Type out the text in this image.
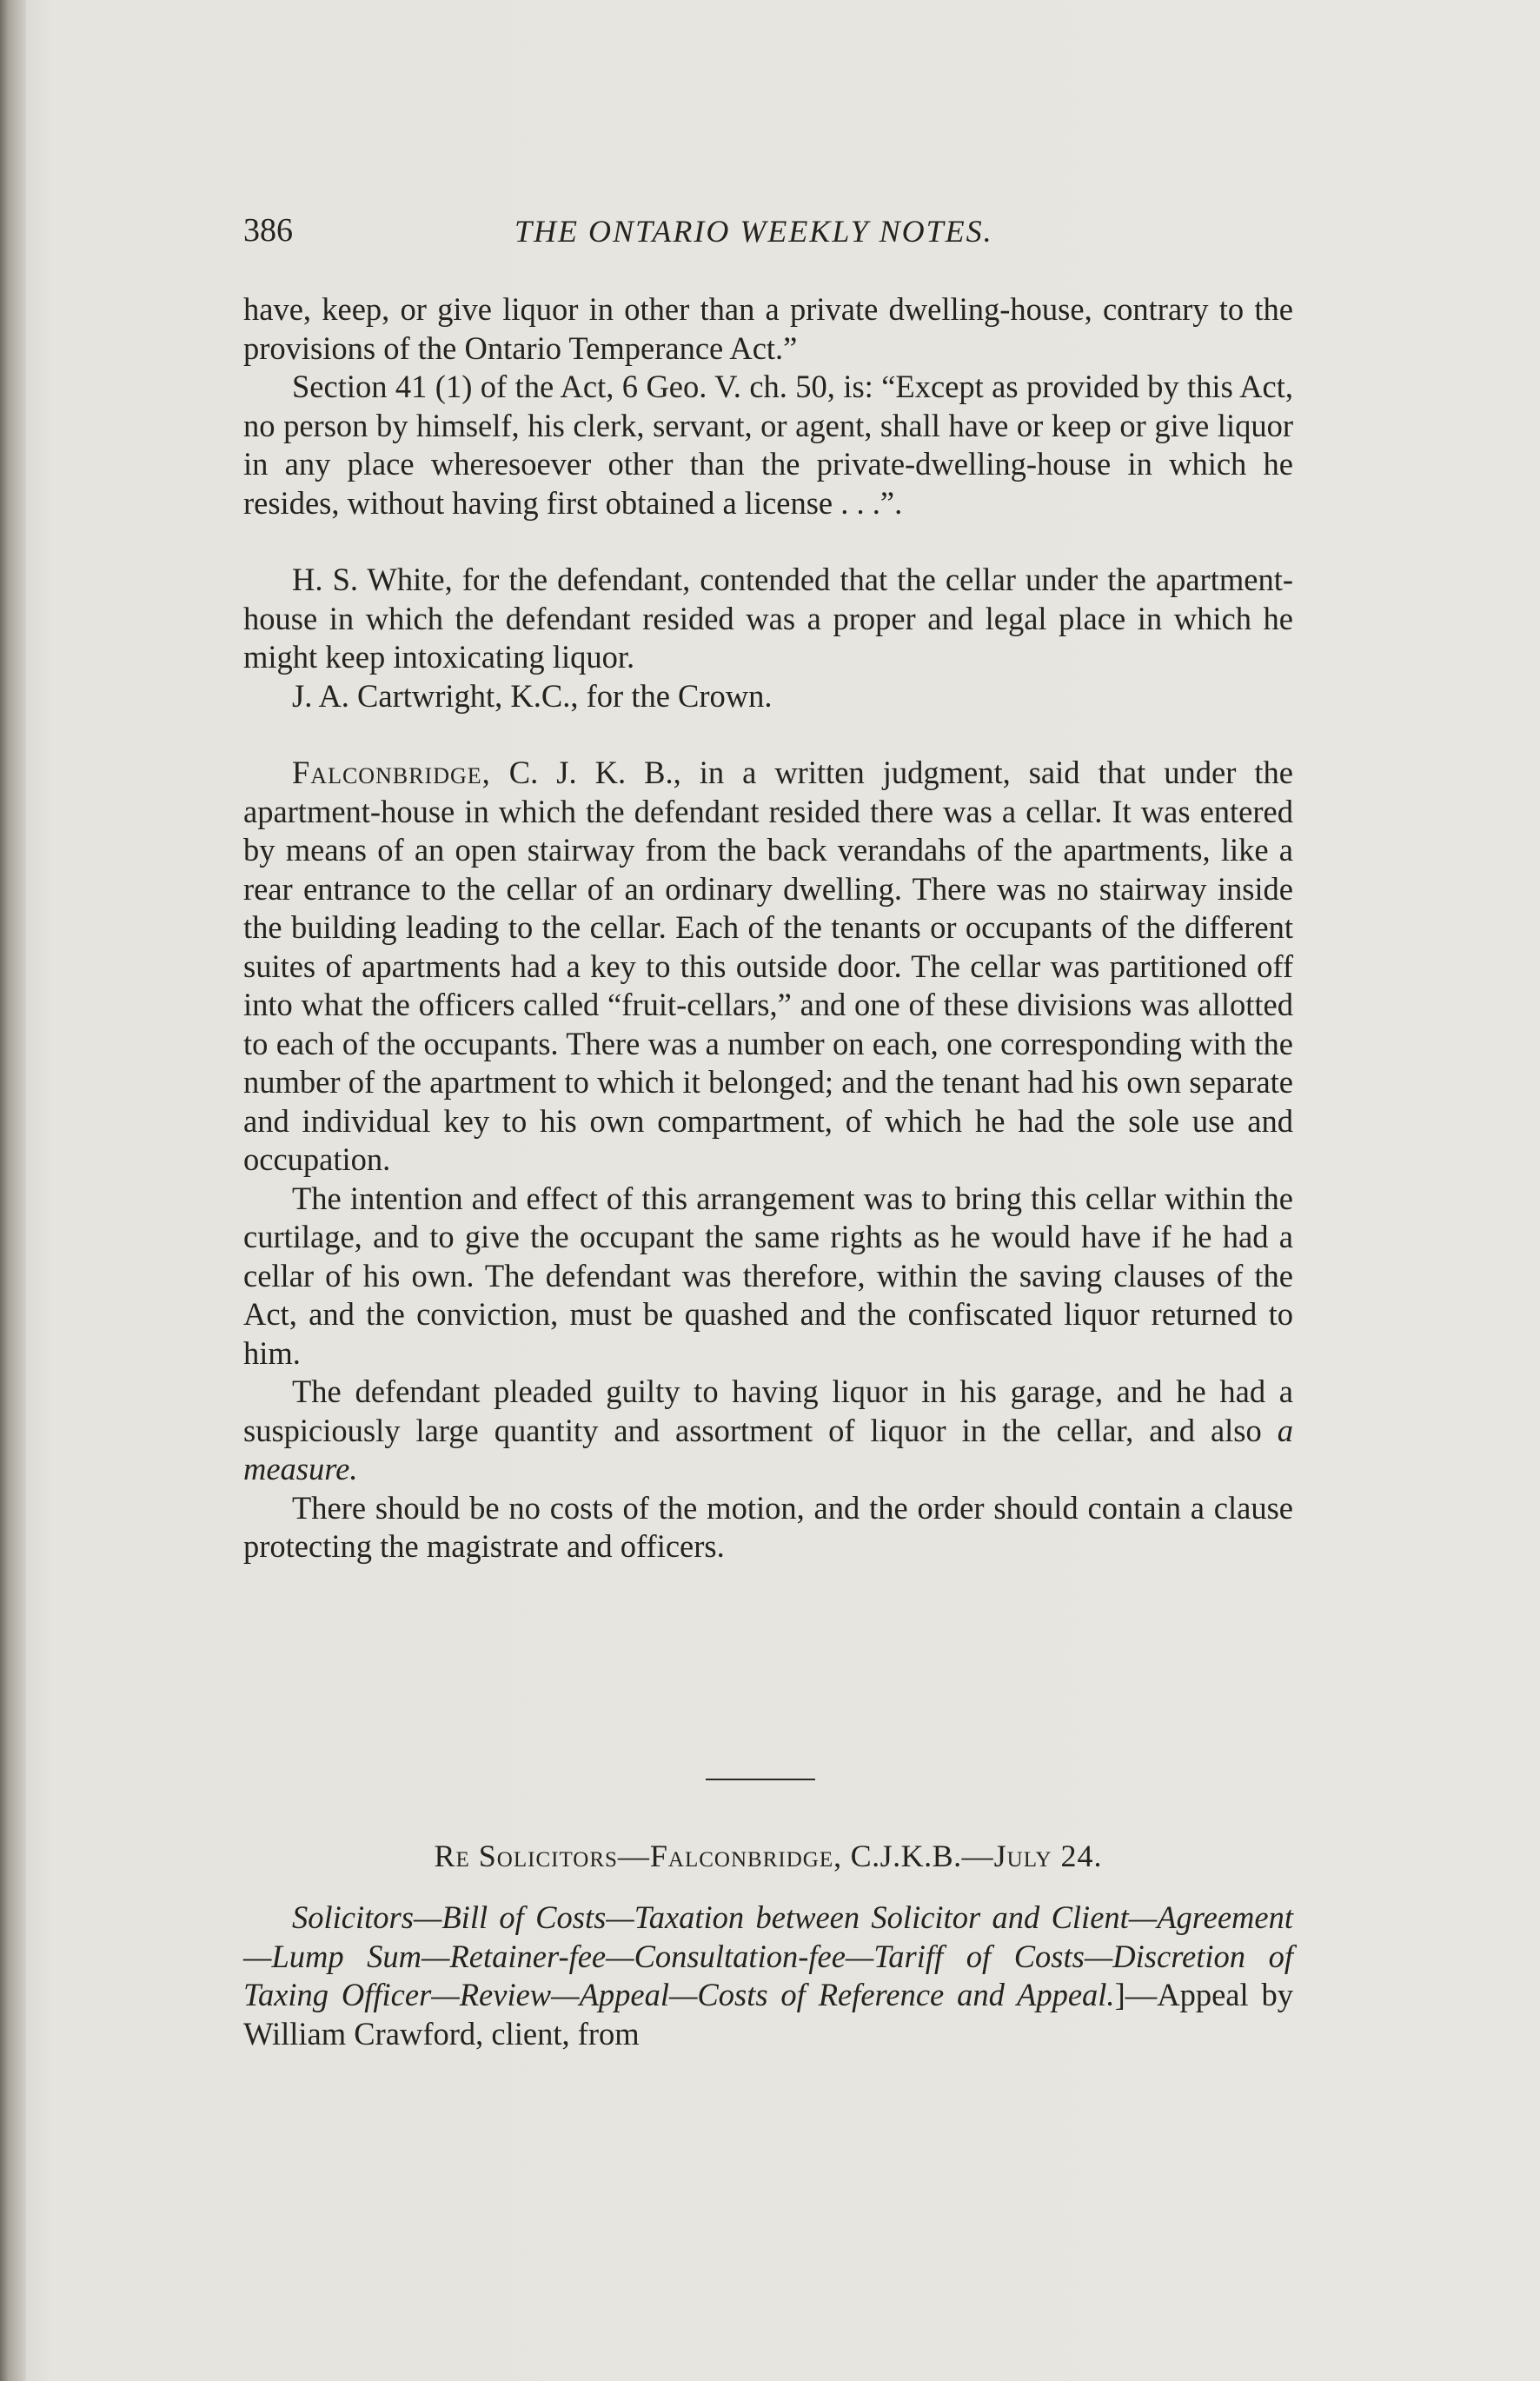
386	THE ONTARIO WEEKLY NOTES.

have, keep, or give liquor in other than a private dwelling-house, contrary to the provisions of the Ontario Temperance Act.”

Section 41 (1) of the Act, 6 Geo. V. ch. 50, is: “Except as provided by this Act, no person by himself, his clerk, servant, or agent, shall have or keep or give liquor in any place wheresoever other than the private-dwelling-house in which he resides, without having first obtained a license . . .”.

H. S. White, for the defendant, contended that the cellar under the apartment-house in which the defendant resided was a proper and legal place in which he might keep intoxicating liquor.

J. A. Cartwright, K.C., for the Crown.

Falconbridge, C. J. K. B., in a written judgment, said that under the apartment-house in which the defendant resided there was a cellar. It was entered by means of an open stairway from the back verandahs of the apartments, like a rear entrance to the cellar of an ordinary dwelling. There was no stairway inside the building leading to the cellar. Each of the tenants or occupants of the different suites of apartments had a key to this outside door. The cellar was partitioned off into what the officers called “fruit-cellars,” and one of these divisions was allotted to each of the occupants. There was a number on each, one corresponding with the number of the apartment to which it belonged; and the tenant had his own separate and individual key to his own compartment, of which he had the sole use and occupation.

The intention and effect of this arrangement was to bring this cellar within the curtilage, and to give the occupant the same rights as he would have if he had a cellar of his own. The defendant was therefore, within the saving clauses of the Act, and the conviction, must be quashed and the confiscated liquor returned to him.

The defendant pleaded guilty to having liquor in his garage, and he had a suspiciously large quantity and assortment of liquor in the cellar, and also a measure.

There should be no costs of the motion, and the order should contain a clause protecting the magistrate and officers.

Re Solicitors—Falconbridge, C.J.K.B.—July 24.

Solicitors—Bill of Costs—Taxation between Solicitor and Client—Agreement—Lump Sum—Retainer-fee—Consultation-fee—Tariff of Costs—Discretion of Taxing Officer—Review—Appeal—Costs of Reference and Appeal.]—Appeal by William Crawford, client, from
